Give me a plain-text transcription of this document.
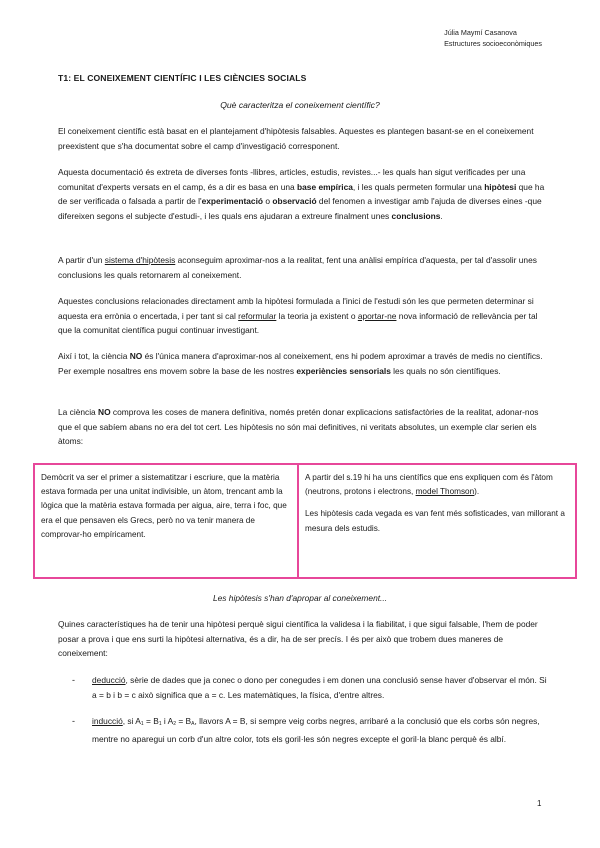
Júlia Maymí Casanova
Estructures socioeconòmiques
T1: EL CONEIXEMENT CIENTÍFIC I LES CIÈNCIES SOCIALS
Què caracteritza el coneixement científic?

El coneixement científic està basat en el plantejament d'hipòtesis falsables. Aquestes es plantegen basant-se en el coneixement preexistent que s'ha documentat sobre el camp d'investigació corresponent.

Aquesta documentació és extreta de diverses fonts -llibres, articles, estudis, revistes...- les quals han sigut verificades per una comunitat d'experts versats en el camp, és a dir es basa en una base empírica, i les quals permeten formular una hipòtesi que ha de ser verificada o falsada a partir de l'experimentació o observació del fenomen a investigar amb l'ajuda de diverses eines -que difereixen segons el subjecte d'estudi-, i les quals ens ajudaran a extreure finalment unes conclusions.

A partir d'un sistema d'hipòtesis aconseguim aproximar-nos a la realitat, fent una anàlisi empírica d'aquesta, per tal d'assolir unes conclusions les quals retornarem al coneixement.

Aquestes conclusions relacionades directament amb la hipòtesi formulada a l'inici de l'estudi són les que permeten determinar si aquesta era errònia o encertada, i per tant si cal reformular la teoria ja existent o aportar-ne nova informació de rellevància per tal que la comunitat científica pugui continuar investigant.

Així i tot, la ciència NO és l'única manera d'aproximar-nos al coneixement, ens hi podem aproximar a través de medis no científics. Per exemple nosaltres ens movem sobre la base de les nostres experiències sensorials les quals no són científiques.

La ciència NO comprova les coses de manera definitiva, només pretén donar explicacions satisfactòries de la realitat, adonar-nos que el que sabíem abans no era del tot cert. Les hipòtesis no són mai definitives, ni veritats absolutes, un exemple clar serien els àtoms:

Demòcrit va ser el primer a sistematitzar i escriure, que la matèria estava formada per una unitat indivisible, un àtom, trencant amb la lògica que la matèria estava formada per aigua, aire, terra i foc, que era el que pensaven els Grecs, però no va tenir manera de comprovar-ho empíricament.

A partir del s.19 hi ha uns científics que ens expliquen com és l'àtom (neutrons, protons i electrons, model Thomson).

Les hipòtesis cada vegada es van fent més sofisticades, van millorant a mesura dels estudis.

Les hipòtesis s'han d'apropar al coneixement...

Quines característiques ha de tenir una hipòtesi perquè sigui científica la validesa i la fiabilitat, i que sigui falsable, l'hem de poder posar a prova i que ens surti la hipòtesi alternativa, és a dir, ha de ser precís. I és per això que trobem dues maneres de coneixement:

- deducció, sèrie de dades que ja conec o dono per conegudes i em donen una conclusió sense haver d'observar el món. Si a = b i b = c això significa que a = c. Les matemàtiques, la física, d'entre altres.

- inducció, si $A_1 = B_1$ i $A_2 = B_A$, llavors A = B, si sempre veig corbs negres, arribaré a la conclusió que els corbs són negres, mentre no aparegui un corb d'un altre color, tots els goril·les són negres excepte el goril·la blanc perquè és albí.

1
